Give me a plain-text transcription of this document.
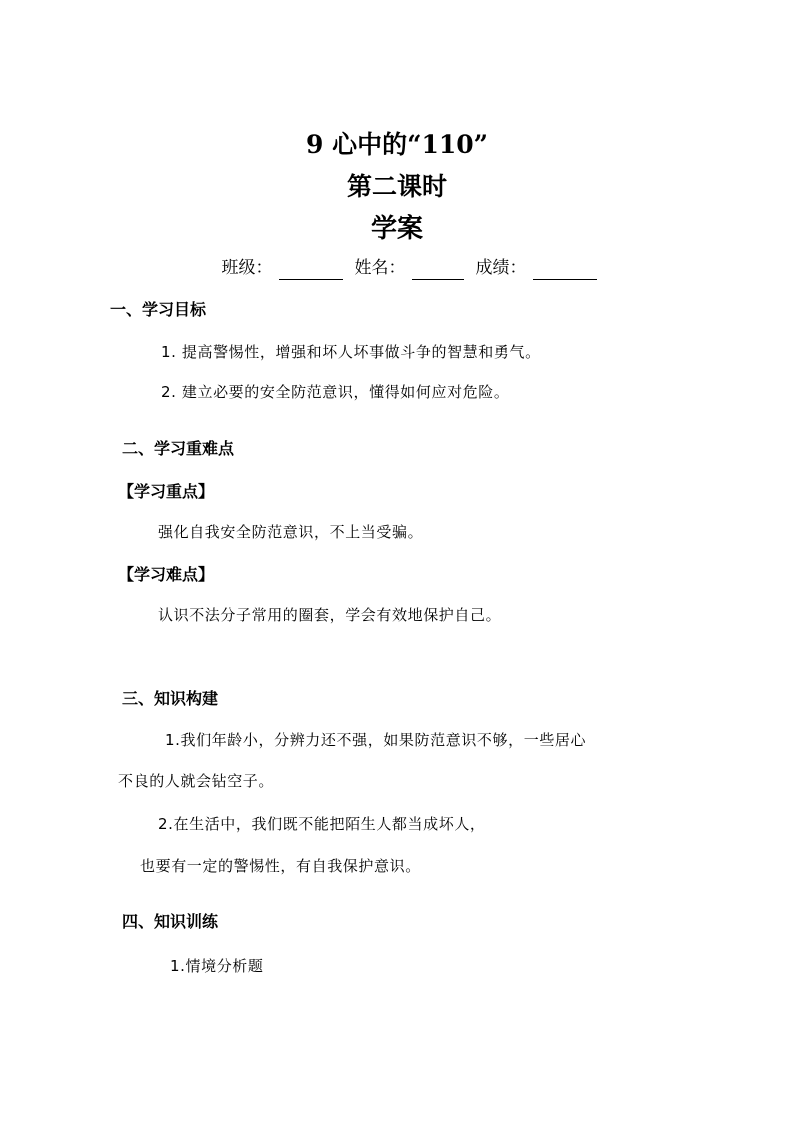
9 心中的“110”
第二课时
学案
班级：	姓名：	成绩：
一、学习目标
1. 提高警惕性，增强和坏人坏事做斗争的智慧和勇气。
2. 建立必要的安全防范意识，懂得如何应对危险。
二、学习重难点
【学习重点】
强化自我安全防范意识，不上当受骗。
【学习难点】
认识不法分子常用的圈套，学会有效地保护自己。
三、知识构建
1.我们年龄小，分辨力还不强，如果防范意识不够，一些居心
不良的人就会钻空子。
2.在生活中，我们既不能把陌生人都当成坏人，
也要有一定的警惕性，有自我保护意识。
四、知识训练
1.情境分析题
